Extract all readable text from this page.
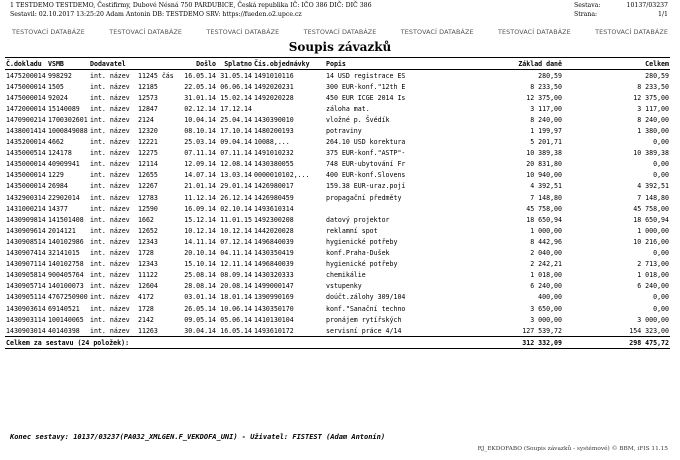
1 TESTDEMO TESTDEMO, Čestifirmy, Dubové Nésná 750 PARDUBICE, Česká republika IČ: IČO 386 DIČ: DIČ 386
Sestavil: 02.10.2017 13:25:20 Adam Antonin DB: TESTDEMO SRV: https://fueden.o2.upce.cz
Sestava:	10137/03237
Strana:	1/1
TESTOVACÍ DATABÁZE	TESTOVACÍ DATABÁZE	TESTOVACÍ DATABÁZE	TESTOVACÍ DATABÁZE	TESTOVACÍ DATABÁZE	TESTOVACÍ DATABÁZE	TESTOVACÍ DATABÁZE
Soupis závazků
Č.dokladu	VSMB	Dodavatel		Došlo	Splatno	Čís.objednávky	Popis	Základ daně	Celkem
1475200014	998292	int. název	11245 čás	16.05.14	31.05.14	1491010116	14 USD registrace ES	280,59	280,59
1475000014	1505	int. název	12185	22.05.14	06.06.14	1492020231	300 EUR-konf."12th E	8 233,50	8 233,50
1475000014	92024	int. název	12573	31.01.14	15.02.14	1492020228	450 EUR ICGE 2014 Is	12 375,00	12 375,00
1472000014	15140089	int. název	12847	02.12.14	17.12.14		záloha mat.	3 117,00	3 117,00
1470900214	1700302601	int. název	2124	10.04.14	25.04.14	1430390010	vložné p. Švédík	8 240,00	8 240,00
1438001414	1000849088	int. název	12320	08.10.14	17.10.14	1480200193	potraviny	1 199,97	1 380,00
1435200014	4662	int. název	12221	25.03.14	09.04.14	10088,...	264.10 USD korektura	5 201,71	0,00
1435000514	124178	int. název	12275	07.11.14	07.11.14	1491010232	375 EUR-konf."ASTP"-	10 389,38	10 389,38
1435000014	40909941	int. název	12114	12.09.14	12.08.14	1430380055	748 EUR-ubytování Fr	20 831,80	0,00
1435000014	1229	int. název	12655	14.07.14	13.03.14	0000010102,...	400 EUR-konf.Slovens	10 940,00	0,00
1435000014	26984	int. název	12267	21.01.14	29.01.14	1426980017	159.38 EUR-uraz.pojí	4 392,51	4 392,51
1432900314	22902014	int. název	12783	11.12.14	26.12.14	1426980459	propagační předměty	7 148,80	7 148,80
1431000214	14377	int. název	12590	16.09.14	02.10.14	1493610314		45 758,00	45 758,00
1430909814	141501408	int. název	1662	15.12.14	11.01.15	1492300208	datový projektor	18 650,94	18 650,94
1430909614	2014121	int. název	12652	10.12.14	10.12.14	1442020028	reklamní spot	1 000,00	1 000,00
1430908514	140102986	int. název	12343	14.11.14	07.12.14	1496840039	hygienické potřeby	8 442,96	10 216,00
1430907414	32141015	int. název	1728	20.10.14	04.11.14	1430350419	konf.Praha-Dušek	2 040,00	0,00
1430907114	140102758	int. název	12343	15.10.14	12.11.14	1496840039	hygienické potřeby	2 242,21	2 713,00
1430905814	900405764	int. název	11122	25.08.14	08.09.14	1430320333	chemikálie	1 018,00	1 018,00
1430905714	140100073	int. název	12604	28.08.14	20.08.14	1499000147	vstupenky	6 240,00	6 240,00
1430905114	4767250900	int. název	4172	03.01.14	18.01.14	1390990169	doúčt.zálohy 309/104	400,00	0,00
1430903614	69140521	int. název	1728	26.05.14	10.06.14	1430350170	konf."Sanační techno	3 650,00	0,00
1430903114	100140065	int. název	2142	09.05.14	05.06.14	1410130104	pronájem rytířských	3 000,00	3 000,00
1430903014	40140398	int. název	11263	30.04.14	16.05.14	1493610172	servisní práce 4/14	127 539,72	154 323,00
Celkem za sestavu (24 položek):								312 332,09	298 475,72
Konec sestavy: 10137/03237(PA032_XMLGEN.F_VEKDOFA_UNI) - Uživatel: FISTEST (Adam Antonín)
RJ_EKDOFABO (Soupis závazků - systémové) © BBM, iFIS 11.15
